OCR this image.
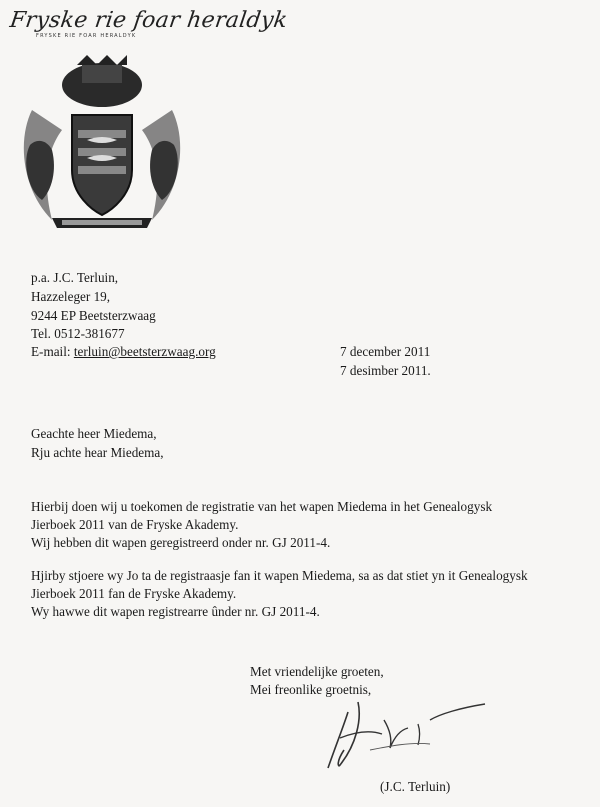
Fryske rie foar heraldyk
FRYSKE RIE FOAR HERALDYK
p.a. J.C. Terluin,
Hazzeleger 19,
9244 EP Beetsterzwaag
Tel. 0512-381677
E-mail: terluin@beetsterzwaag.org	7 december 2011
7 desimber 2011.
Geachte heer Miedema,
Rju achte hear Miedema,
Hierbij doen wij u toekomen de registratie van het wapen Miedema in het Genealogysk
Jierboek 2011 van de Fryske Akademy.
Wij hebben dit wapen geregistreerd onder nr. GJ 2011-4.
Hjirby stjoere wy Jo ta de registraasje fan it wapen Miedema, sa as dat stiet yn it Genealogysk
Jierboek 2011 fan de Fryske Akademy.
Wy hawwe dit wapen registrearre ûnder nr. GJ 2011-4.
Met vriendelijke groeten,
Mei freonlike groetnis,
(J.C. Terluin)
